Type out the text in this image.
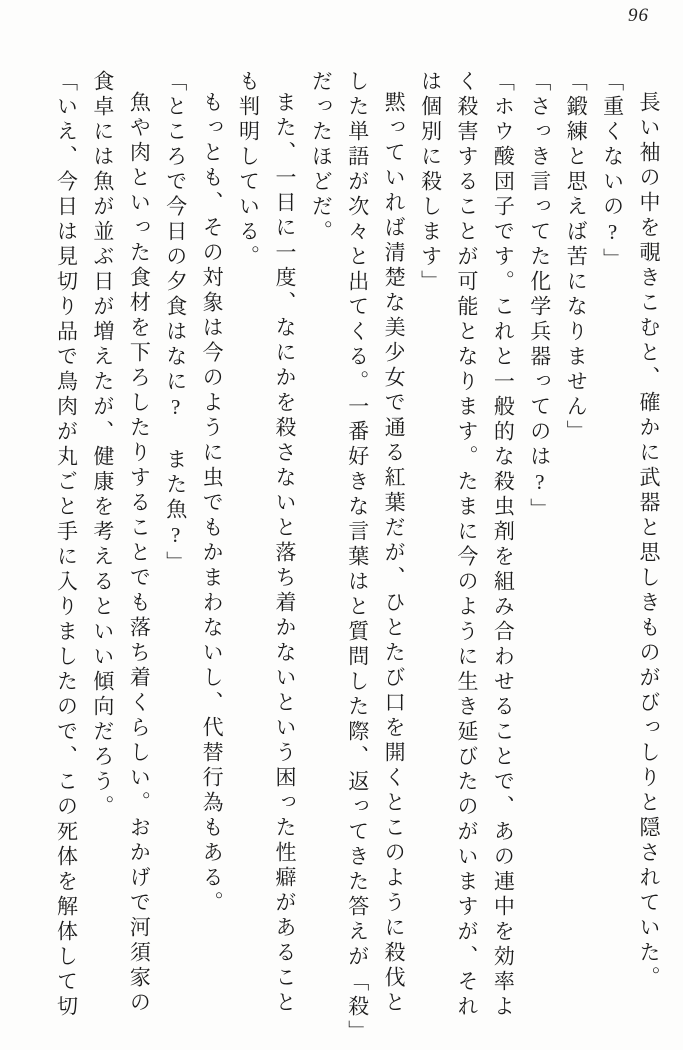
96

長い袖の中を覗きこむと、確かに武器と思しきものがびっしりと隠されていた。

「重くないの?」

「鍛練と思えば苦になりません」

「さっき言ってた化学兵器ってのは?」

「ホウ酸団子です。これと一般的な殺虫剤を組み合わせることで、あの連中を効率よく殺害することが可能となります。たまに今のように生き延びたのがいますが、それは個別に殺します」

黙っていれば清楚な美少女で通る紅葉だが、ひとたび口を開くとこのように殺伐とした単語が次々と出てくる。一番好きな言葉はと質問した際、返ってきた答えが「殺」だったほどだ。

また、一日に一度、なにかを殺さないと落ち着かないという困った性癖があることも判明している。

もっとも、その対象は今のように虫でもかまわないし、代替行為もある。

「ところで今日の夕食はなに?　また魚?」

魚や肉といった食材を下ろしたりすることでも落ち着くらしい。おかげで河須家の食卓には魚が並ぶ日が増えたが、健康を考えるといい傾向だろう。

「いえ、今日は見切り品で鳥肉が丸ごと手に入りましたので、この死体を解体して切
